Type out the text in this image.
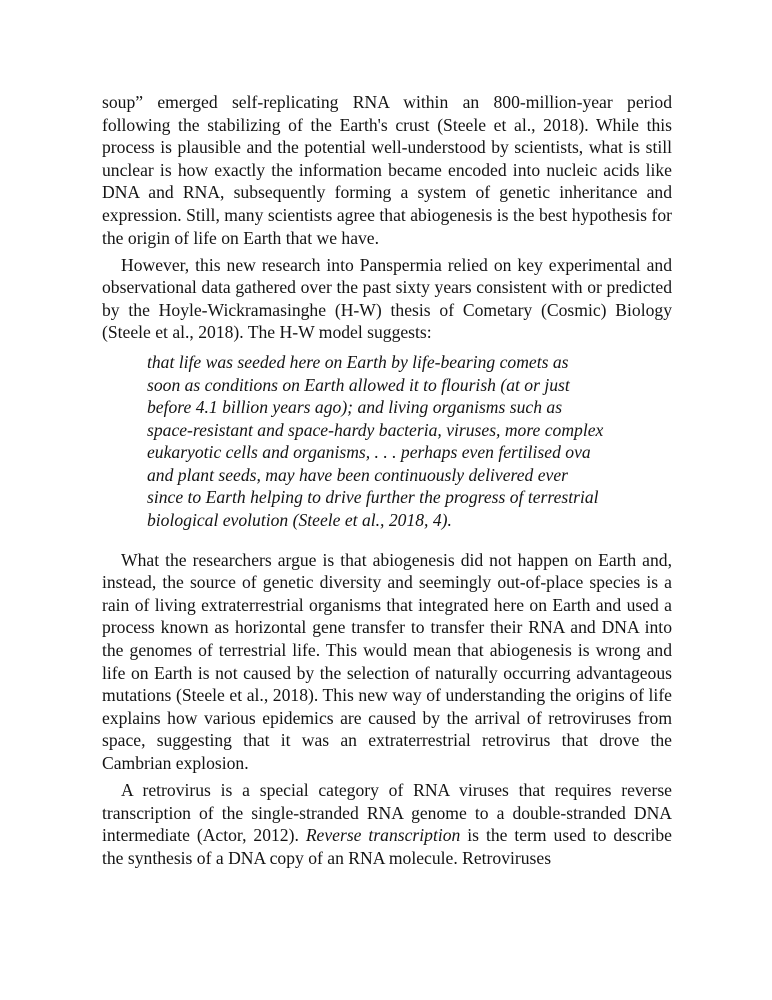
soup” emerged self-replicating RNA within an 800-million-year period following the stabilizing of the Earth's crust (Steele et al., 2018). While this process is plausible and the potential well-understood by scientists, what is still unclear is how exactly the information became encoded into nucleic acids like DNA and RNA, subsequently forming a system of genetic inheritance and expression. Still, many scientists agree that abiogenesis is the best hypothesis for the origin of life on Earth that we have.

However, this new research into Panspermia relied on key experimental and observational data gathered over the past sixty years consistent with or predicted by the Hoyle-Wickramasinghe (H-W) thesis of Cometary (Cosmic) Biology (Steele et al., 2018). The H-W model suggests:

that life was seeded here on Earth by life-bearing comets as soon as conditions on Earth allowed it to flourish (at or just before 4.1 billion years ago); and living organisms such as space-resistant and space-hardy bacteria, viruses, more complex eukaryotic cells and organisms, . . . perhaps even fertilised ova and plant seeds, may have been continuously delivered ever since to Earth helping to drive further the progress of terrestrial biological evolution (Steele et al., 2018, 4).

What the researchers argue is that abiogenesis did not happen on Earth and, instead, the source of genetic diversity and seemingly out-of-place species is a rain of living extraterrestrial organisms that integrated here on Earth and used a process known as horizontal gene transfer to transfer their RNA and DNA into the genomes of terrestrial life. This would mean that abiogenesis is wrong and life on Earth is not caused by the selection of naturally occurring advantageous mutations (Steele et al., 2018). This new way of understanding the origins of life explains how various epidemics are caused by the arrival of retroviruses from space, suggesting that it was an extraterrestrial retrovirus that drove the Cambrian explosion.

A retrovirus is a special category of RNA viruses that requires reverse transcription of the single-stranded RNA genome to a double-stranded DNA intermediate (Actor, 2012). Reverse transcription is the term used to describe the synthesis of a DNA copy of an RNA molecule. Retroviruses
